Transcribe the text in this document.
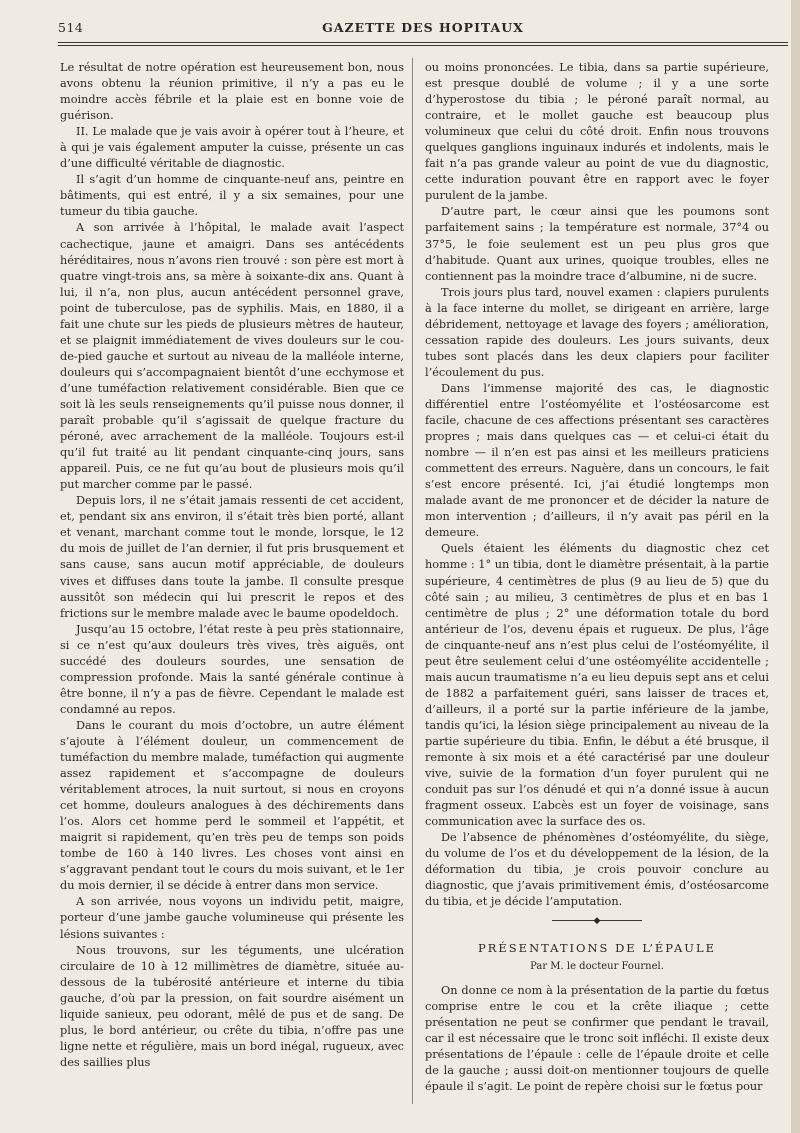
514	GAZETTE DES HOPITAUX

Le résultat de notre opération est heureusement bon, nous avons obtenu la réunion primitive, il n’y a pas eu le moindre accès fébrile et la plaie est en bonne voie de guérison.

II. Le malade que je vais avoir à opérer tout à l’heure, et à qui je vais également amputer la cuisse, présente un cas d’une difficulté véritable de diagnostic.

Il s’agit d’un homme de cinquante-neuf ans, peintre en bâtiments, qui est entré, il y a six semaines, pour une tumeur du tibia gauche.

A son arrivée à l’hôpital, le malade avait l’aspect cachectique, jaune et amaigri. Dans ses antécédents héréditaires, nous n’avons rien trouvé : son père est mort à quatre vingt-trois ans, sa mère à soixante-dix ans. Quant à lui, il n’a, non plus, aucun antécédent personnel grave, point de tuberculose, pas de syphilis. Mais, en 1880, il a fait une chute sur les pieds de plusieurs mètres de hauteur, et se plaignit immédiatement de vives douleurs sur le cou-de-pied gauche et surtout au niveau de la malléole interne, douleurs qui s’accompagnaient bientôt d’une ecchymose et d’une tuméfaction relativement considérable. Bien que ce soit là les seuls renseignements qu’il puisse nous donner, il paraît probable qu’il s’agissait de quelque fracture du péroné, avec arrachement de la malléole. Toujours est-il qu’il fut traité au lit pendant cinquante-cinq jours, sans appareil. Puis, ce ne fut qu’au bout de plusieurs mois qu’il put marcher comme par le passé.

Depuis lors, il ne s’était jamais ressenti de cet accident, et, pendant six ans environ, il s’était très bien porté, allant et venant, marchant comme tout le monde, lorsque, le 12 du mois de juillet de l’an dernier, il fut pris brusquement et sans cause, sans aucun motif appréciable, de douleurs vives et diffuses dans toute la jambe. Il consulte presque aussitôt son médecin qui lui prescrit le repos et des frictions sur le membre malade avec le baume opodeldoch.

Jusqu’au 15 octobre, l’état reste à peu près stationnaire, si ce n’est qu’aux douleurs très vives, très aiguës, ont succédé des douleurs sourdes, une sensation de compression profonde. Mais la santé générale continue à être bonne, il n’y a pas de fièvre. Cependant le malade est condamné au repos.

Dans le courant du mois d’octobre, un autre élément s’ajoute à l’élément douleur, un commencement de tuméfaction du membre malade, tuméfaction qui augmente assez rapidement et s’accompagne de douleurs véritablement atroces, la nuit surtout, si nous en croyons cet homme, douleurs analogues à des déchirements dans l’os. Alors cet homme perd le sommeil et l’appétit, et maigrit si rapidement, qu’en très peu de temps son poids tombe de 160 à 140 livres. Les choses vont ainsi en s’aggravant pendant tout le cours du mois suivant, et le 1er du mois dernier, il se décide à entrer dans mon service.

A son arrivée, nous voyons un individu petit, maigre, porteur d’une jambe gauche volumineuse qui présente les lésions suivantes :

Nous trouvons, sur les téguments, une ulcération circulaire de 10 à 12 millimètres de diamètre, située au-dessous de la tubérosité antérieure et interne du tibia gauche, d’où par la pression, on fait sourdre aisément un liquide sanieux, peu odorant, mêlé de pus et de sang. De plus, le bord antérieur, ou crête du tibia, n’offre pas une ligne nette et régulière, mais un bord inégal, rugueux, avec des saillies plus

ou moins prononcées. Le tibia, dans sa partie supérieure, est presque doublé de volume ; il y a une sorte d’hyperostose du tibia ; le péroné paraît normal, au contraire, et le mollet gauche est beaucoup plus volumineux que celui du côté droit. Enfin nous trouvons quelques ganglions inguinaux indurés et indolents, mais le fait n’a pas grande valeur au point de vue du diagnostic, cette induration pouvant être en rapport avec le foyer purulent de la jambe.

D’autre part, le cœur ainsi que les poumons sont parfaitement sains ; la température est normale, 37°4 ou 37°5, le foie seulement est un peu plus gros que d’habitude. Quant aux urines, quoique troubles, elles ne contiennent pas la moindre trace d’albumine, ni de sucre.

Trois jours plus tard, nouvel examen : clapiers purulents à la face interne du mollet, se dirigeant en arrière, large débridement, nettoyage et lavage des foyers ; amélioration, cessation rapide des douleurs. Les jours suivants, deux tubes sont placés dans les deux clapiers pour faciliter l’écoulement du pus.

Dans l’immense majorité des cas, le diagnostic différentiel entre l’ostéomyélite et l’ostéosarcome est facile, chacune de ces affections présentant ses caractères propres ; mais dans quelques cas — et celui-ci était du nombre — il n’en est pas ainsi et les meilleurs praticiens commettent des erreurs. Naguère, dans un concours, le fait s’est encore présenté. Ici, j’ai étudié longtemps mon malade avant de me prononcer et de décider la nature de mon intervention ; d’ailleurs, il n’y avait pas péril en la demeure.

Quels étaient les éléments du diagnostic chez cet homme : 1° un tibia, dont le diamètre présentait, à la partie supérieure, 4 centimètres de plus (9 au lieu de 5) que du côté sain ; au milieu, 3 centimètres de plus et en bas 1 centimètre de plus ; 2° une déformation totale du bord antérieur de l’os, devenu épais et rugueux. De plus, l’âge de cinquante-neuf ans n’est plus celui de l’ostéomyélite, il peut être seulement celui d’une ostéomyélite accidentelle ; mais aucun traumatisme n’a eu lieu depuis sept ans et celui de 1882 a parfaitement guéri, sans laisser de traces et, d’ailleurs, il a porté sur la partie inférieure de la jambe, tandis qu’ici, la lésion siège principalement au niveau de la partie supérieure du tibia. Enfin, le début a été brusque, il remonte à six mois et a été caractérisé par une douleur vive, suivie de la formation d’un foyer purulent qui ne conduit pas sur l’os dénudé et qui n’a donné issue à aucun fragment osseux. L’abcès est un foyer de voisinage, sans communication avec la surface des os.

De l’absence de phénomènes d’ostéomyélite, du siège, du volume de l’os et du développement de la lésion, de la déformation du tibia, je crois pouvoir conclure au diagnostic, que j’avais primitivement émis, d’ostéosarcome du tibia, et je décide l’amputation.

◆
PRÉSENTATIONS DE L’ÉPAULE
Par M. le docteur Fournel.

On donne ce nom à la présentation de la partie du fœtus comprise entre le cou et la crête iliaque ; cette présentation ne peut se confirmer que pendant le travail, car il est nécessaire que le tronc soit infléchi. Il existe deux présentations de l’épaule : celle de l’épaule droite et celle de la gauche ; aussi doit-on mentionner toujours de quelle épaule il s’agit. Le point de repère choisi sur le fœtus pour
